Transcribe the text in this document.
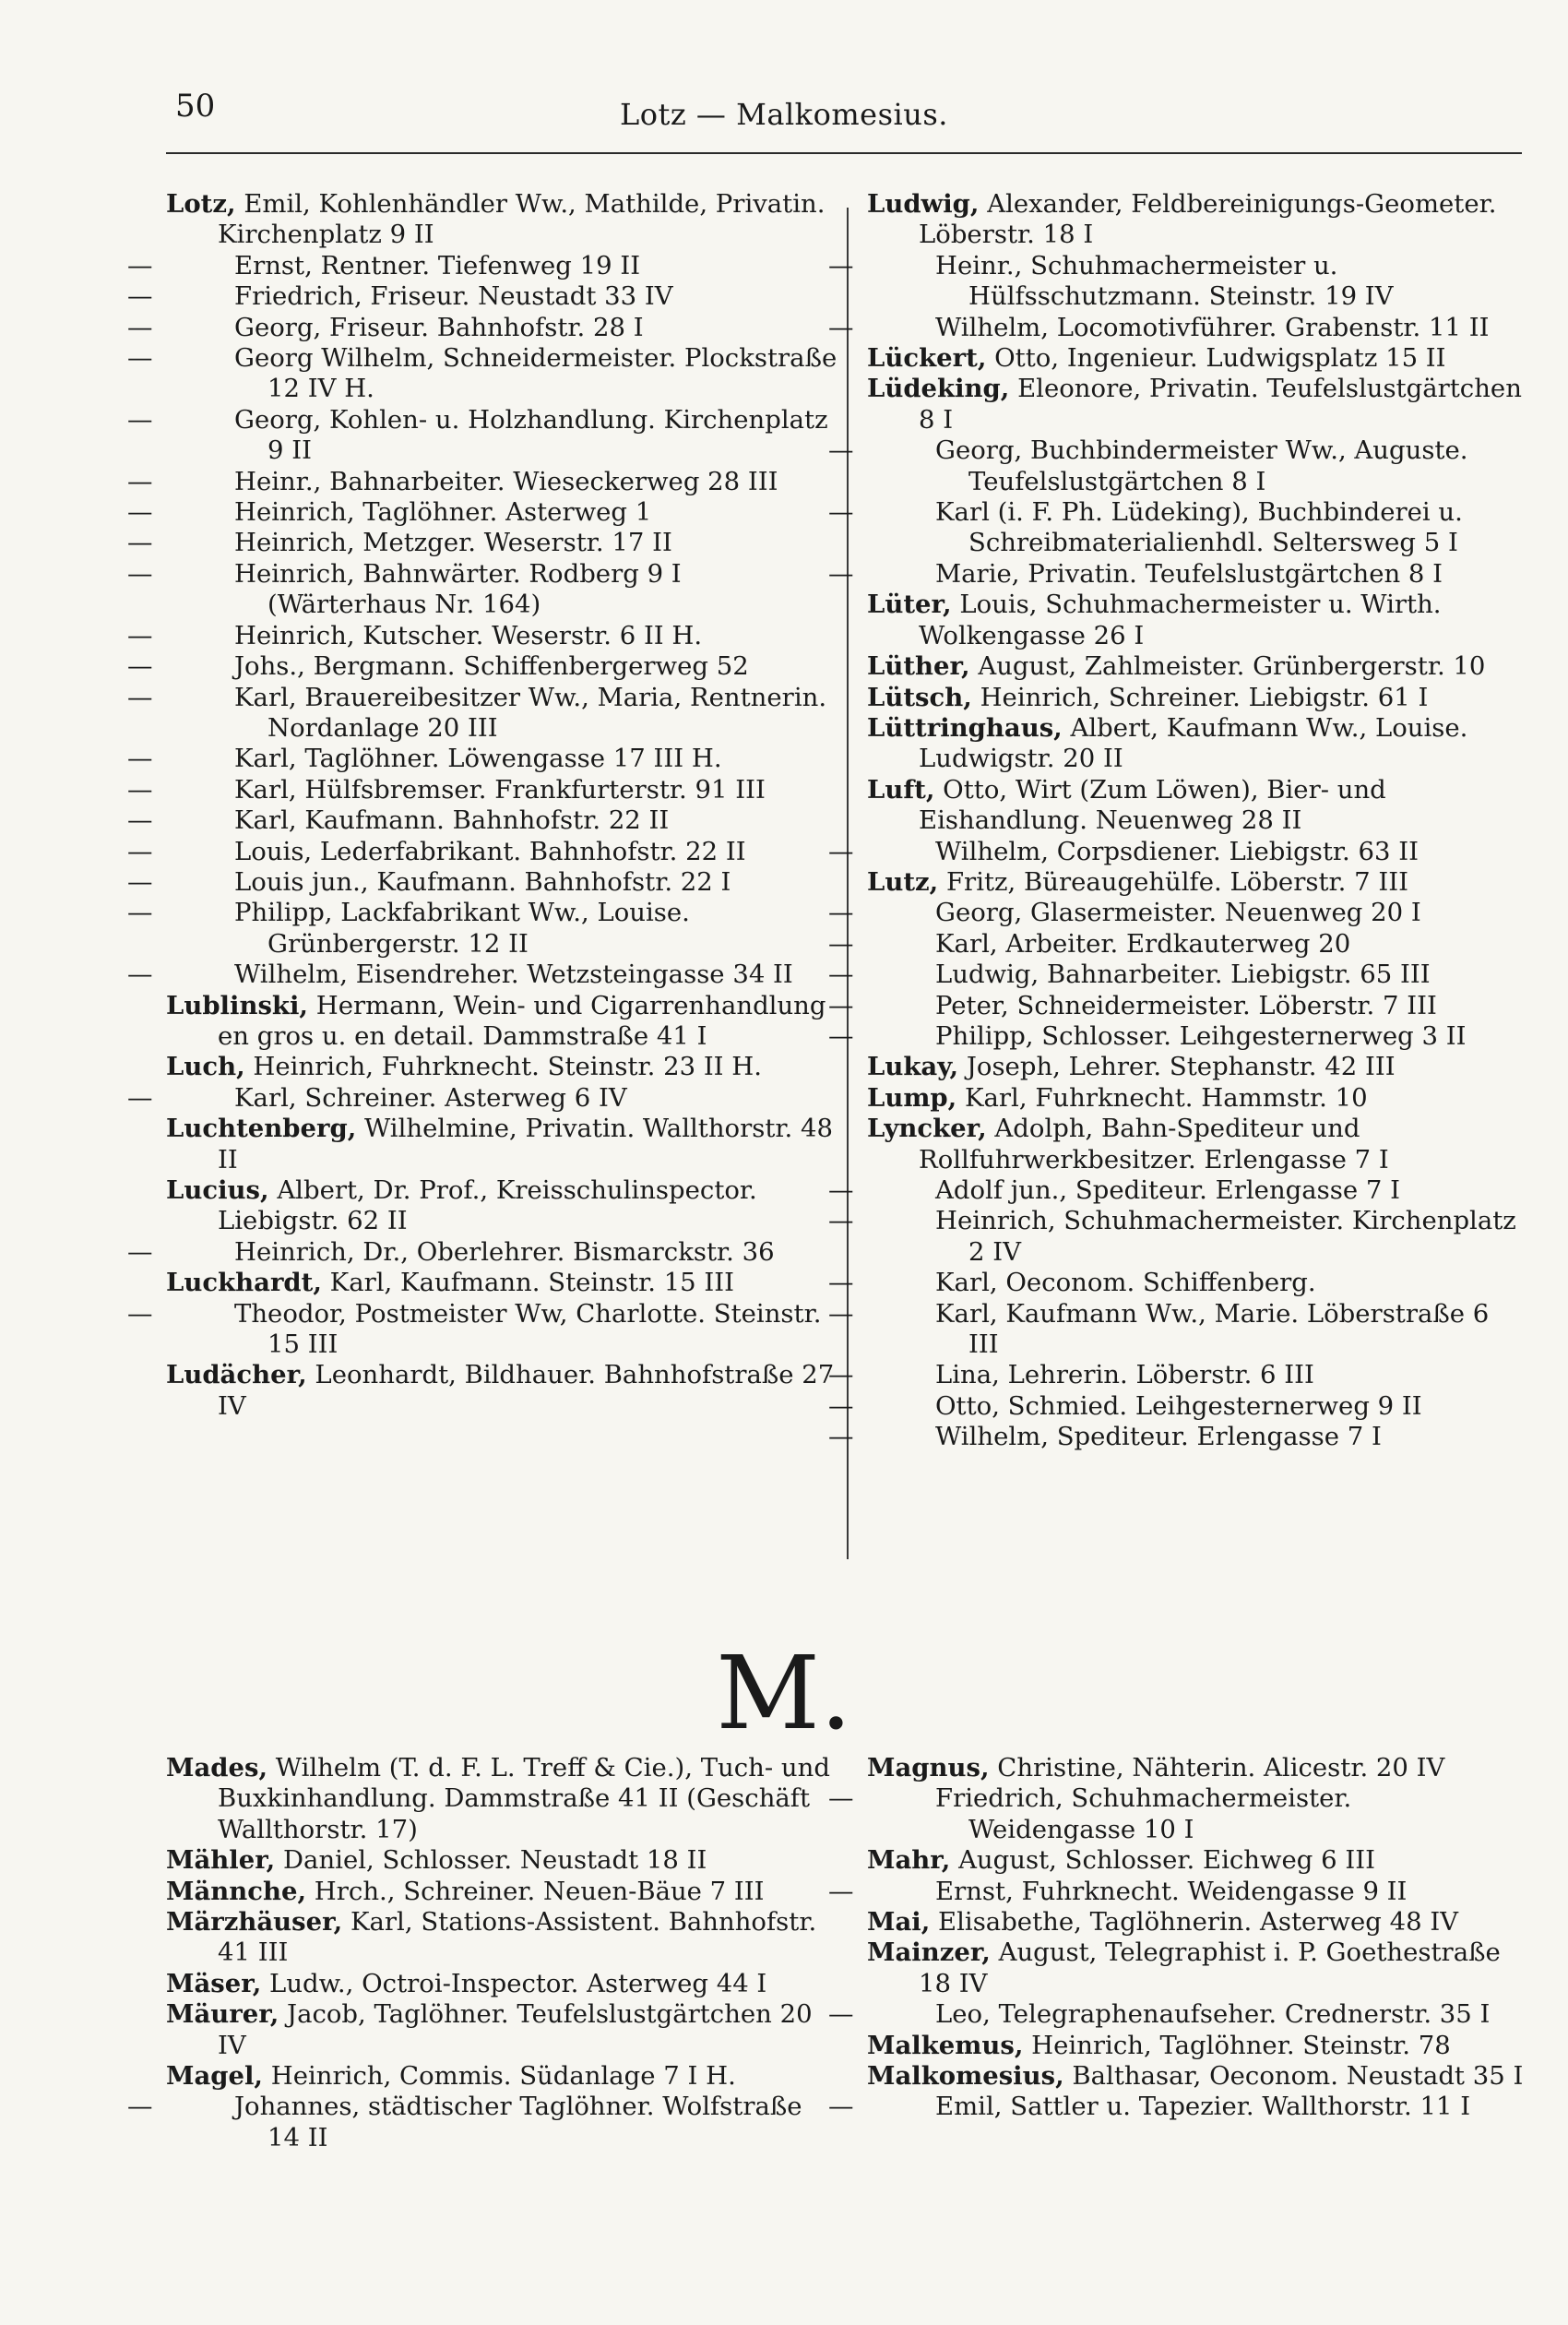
50	Lotz — Malkomesius.
Lotz, Emil, Kohlenhändler Ww., Mathilde, Privatin. Kirchenplatz 9 II
—	Ernst, Rentner. Tiefenweg 19 II
—	Friedrich, Friseur. Neustadt 33 IV
—	Georg, Friseur. Bahnhofstr. 28 I
—	Georg Wilhelm, Schneidermeister. Plockstraße 12 IV H.
—	Georg, Kohlen- u. Holzhandlung. Kirchenplatz 9 II
—	Heinr., Bahnarbeiter. Wieseckerweg 28 III
—	Heinrich, Taglöhner. Asterweg 1
—	Heinrich, Metzger. Weserstr. 17 II
—	Heinrich, Bahnwärter. Rodberg 9 I (Wärterhaus Nr. 164)
—	Heinrich, Kutscher. Weserstr. 6 II H.
—	Johs., Bergmann. Schiffenbergerweg 52
—	Karl, Brauereibesitzer Ww., Maria, Rentnerin. Nordanlage 20 III
—	Karl, Taglöhner. Löwengasse 17 III H.
—	Karl, Hülfsbremser. Frankfurterstr. 91 III
—	Karl, Kaufmann. Bahnhofstr. 22 II
—	Louis, Lederfabrikant. Bahnhofstr. 22 II
—	Louis jun., Kaufmann. Bahnhofstr. 22 I
—	Philipp, Lackfabrikant Ww., Louise. Grünbergerstr. 12 II
—	Wilhelm, Eisendreher. Wetzsteingasse 34 II
Lublinski, Hermann, Wein- und Cigarrenhandlung en gros u. en detail. Dammstraße 41 I
Luch, Heinrich, Fuhrknecht. Steinstr. 23 II H.
—	Karl, Schreiner. Asterweg 6 IV
Luchtenberg, Wilhelmine, Privatin. Wallthorstr. 48 II
Lucius, Albert, Dr. Prof., Kreisschulinspector. Liebigstr. 62 II
—	Heinrich, Dr., Oberlehrer. Bismarckstr. 36
Luckhardt, Karl, Kaufmann. Steinstr. 15 III
—	Theodor, Postmeister Ww, Charlotte. Steinstr. 15 III
Ludächer, Leonhardt, Bildhauer. Bahnhofstraße 27 IV
Ludwig, Alexander, Feldbereinigungs-Geometer. Löberstr. 18 I
—	Heinr., Schuhmachermeister u. Hülfsschutzmann. Steinstr. 19 IV
—	Wilhelm, Locomotivführer. Grabenstr. 11 II
Lückert, Otto, Ingenieur. Ludwigsplatz 15 II
Lüdeking, Eleonore, Privatin. Teufelslustgärtchen 8 I
—	Georg, Buchbindermeister Ww., Auguste. Teufelslustgärtchen 8 I
—	Karl (i. F. Ph. Lüdeking), Buchbinderei u. Schreibmaterialienhdl. Seltersweg 5 I
—	Marie, Privatin. Teufelslustgärtchen 8 I
Lüter, Louis, Schuhmachermeister u. Wirth. Wolkengasse 26 I
Lüther, August, Zahlmeister. Grünbergerstr. 10
Lütsch, Heinrich, Schreiner. Liebigstr. 61 I
Lüttringhaus, Albert, Kaufmann Ww., Louise. Ludwigstr. 20 II
Luft, Otto, Wirt (Zum Löwen), Bier- und Eishandlung. Neuenweg 28 II
—	Wilhelm, Corpsdiener. Liebigstr. 63 II
Lutz, Fritz, Büreaugehülfe. Löberstr. 7 III
—	Georg, Glasermeister. Neuenweg 20 I
—	Karl, Arbeiter. Erdkauterweg 20
—	Ludwig, Bahnarbeiter. Liebigstr. 65 III
—	Peter, Schneidermeister. Löberstr. 7 III
—	Philipp, Schlosser. Leihgesternerweg 3 II
Lukay, Joseph, Lehrer. Stephanstr. 42 III
Lump, Karl, Fuhrknecht. Hammstr. 10
Lyncker, Adolph, Bahn-Spediteur und Rollfuhrwerkbesitzer. Erlengasse 7 I
—	Adolf jun., Spediteur. Erlengasse 7 I
—	Heinrich, Schuhmachermeister. Kirchenplatz 2 IV
—	Karl, Oeconom. Schiffenberg.
—	Karl, Kaufmann Ww., Marie. Löberstraße 6 III
—	Lina, Lehrerin. Löberstr. 6 III
—	Otto, Schmied. Leihgesternerweg 9 II
—	Wilhelm, Spediteur. Erlengasse 7 I
M.
Mades, Wilhelm (T. d. F. L. Treff & Cie.), Tuch- und Buxkinhandlung. Dammstraße 41 II (Geschäft Wallthorstr. 17)
Mähler, Daniel, Schlosser. Neustadt 18 II
Männche, Hrch., Schreiner. Neuen-Bäue 7 III
Märzhäuser, Karl, Stations-Assistent. Bahnhofstr. 41 III
Mäser, Ludw., Octroi-Inspector. Asterweg 44 I
Mäurer, Jacob, Taglöhner. Teufelslustgärtchen 20 IV
Magel, Heinrich, Commis. Südanlage 7 I H.
—	Johannes, städtischer Taglöhner. Wolfstraße 14 II
Magnus, Christine, Nähterin. Alicestr. 20 IV
—	Friedrich, Schuhmachermeister. Weidengasse 10 I
Mahr, August, Schlosser. Eichweg 6 III
—	Ernst, Fuhrknecht. Weidengasse 9 II
Mai, Elisabethe, Taglöhnerin. Asterweg 48 IV
Mainzer, August, Telegraphist i. P. Goethestraße 18 IV
—	Leo, Telegraphenaufseher. Crednerstr. 35 I
Malkemus, Heinrich, Taglöhner. Steinstr. 78
Malkomesius, Balthasar, Oeconom. Neustadt 35 I
—	Emil, Sattler u. Tapezier. Wallthorstr. 11 I
